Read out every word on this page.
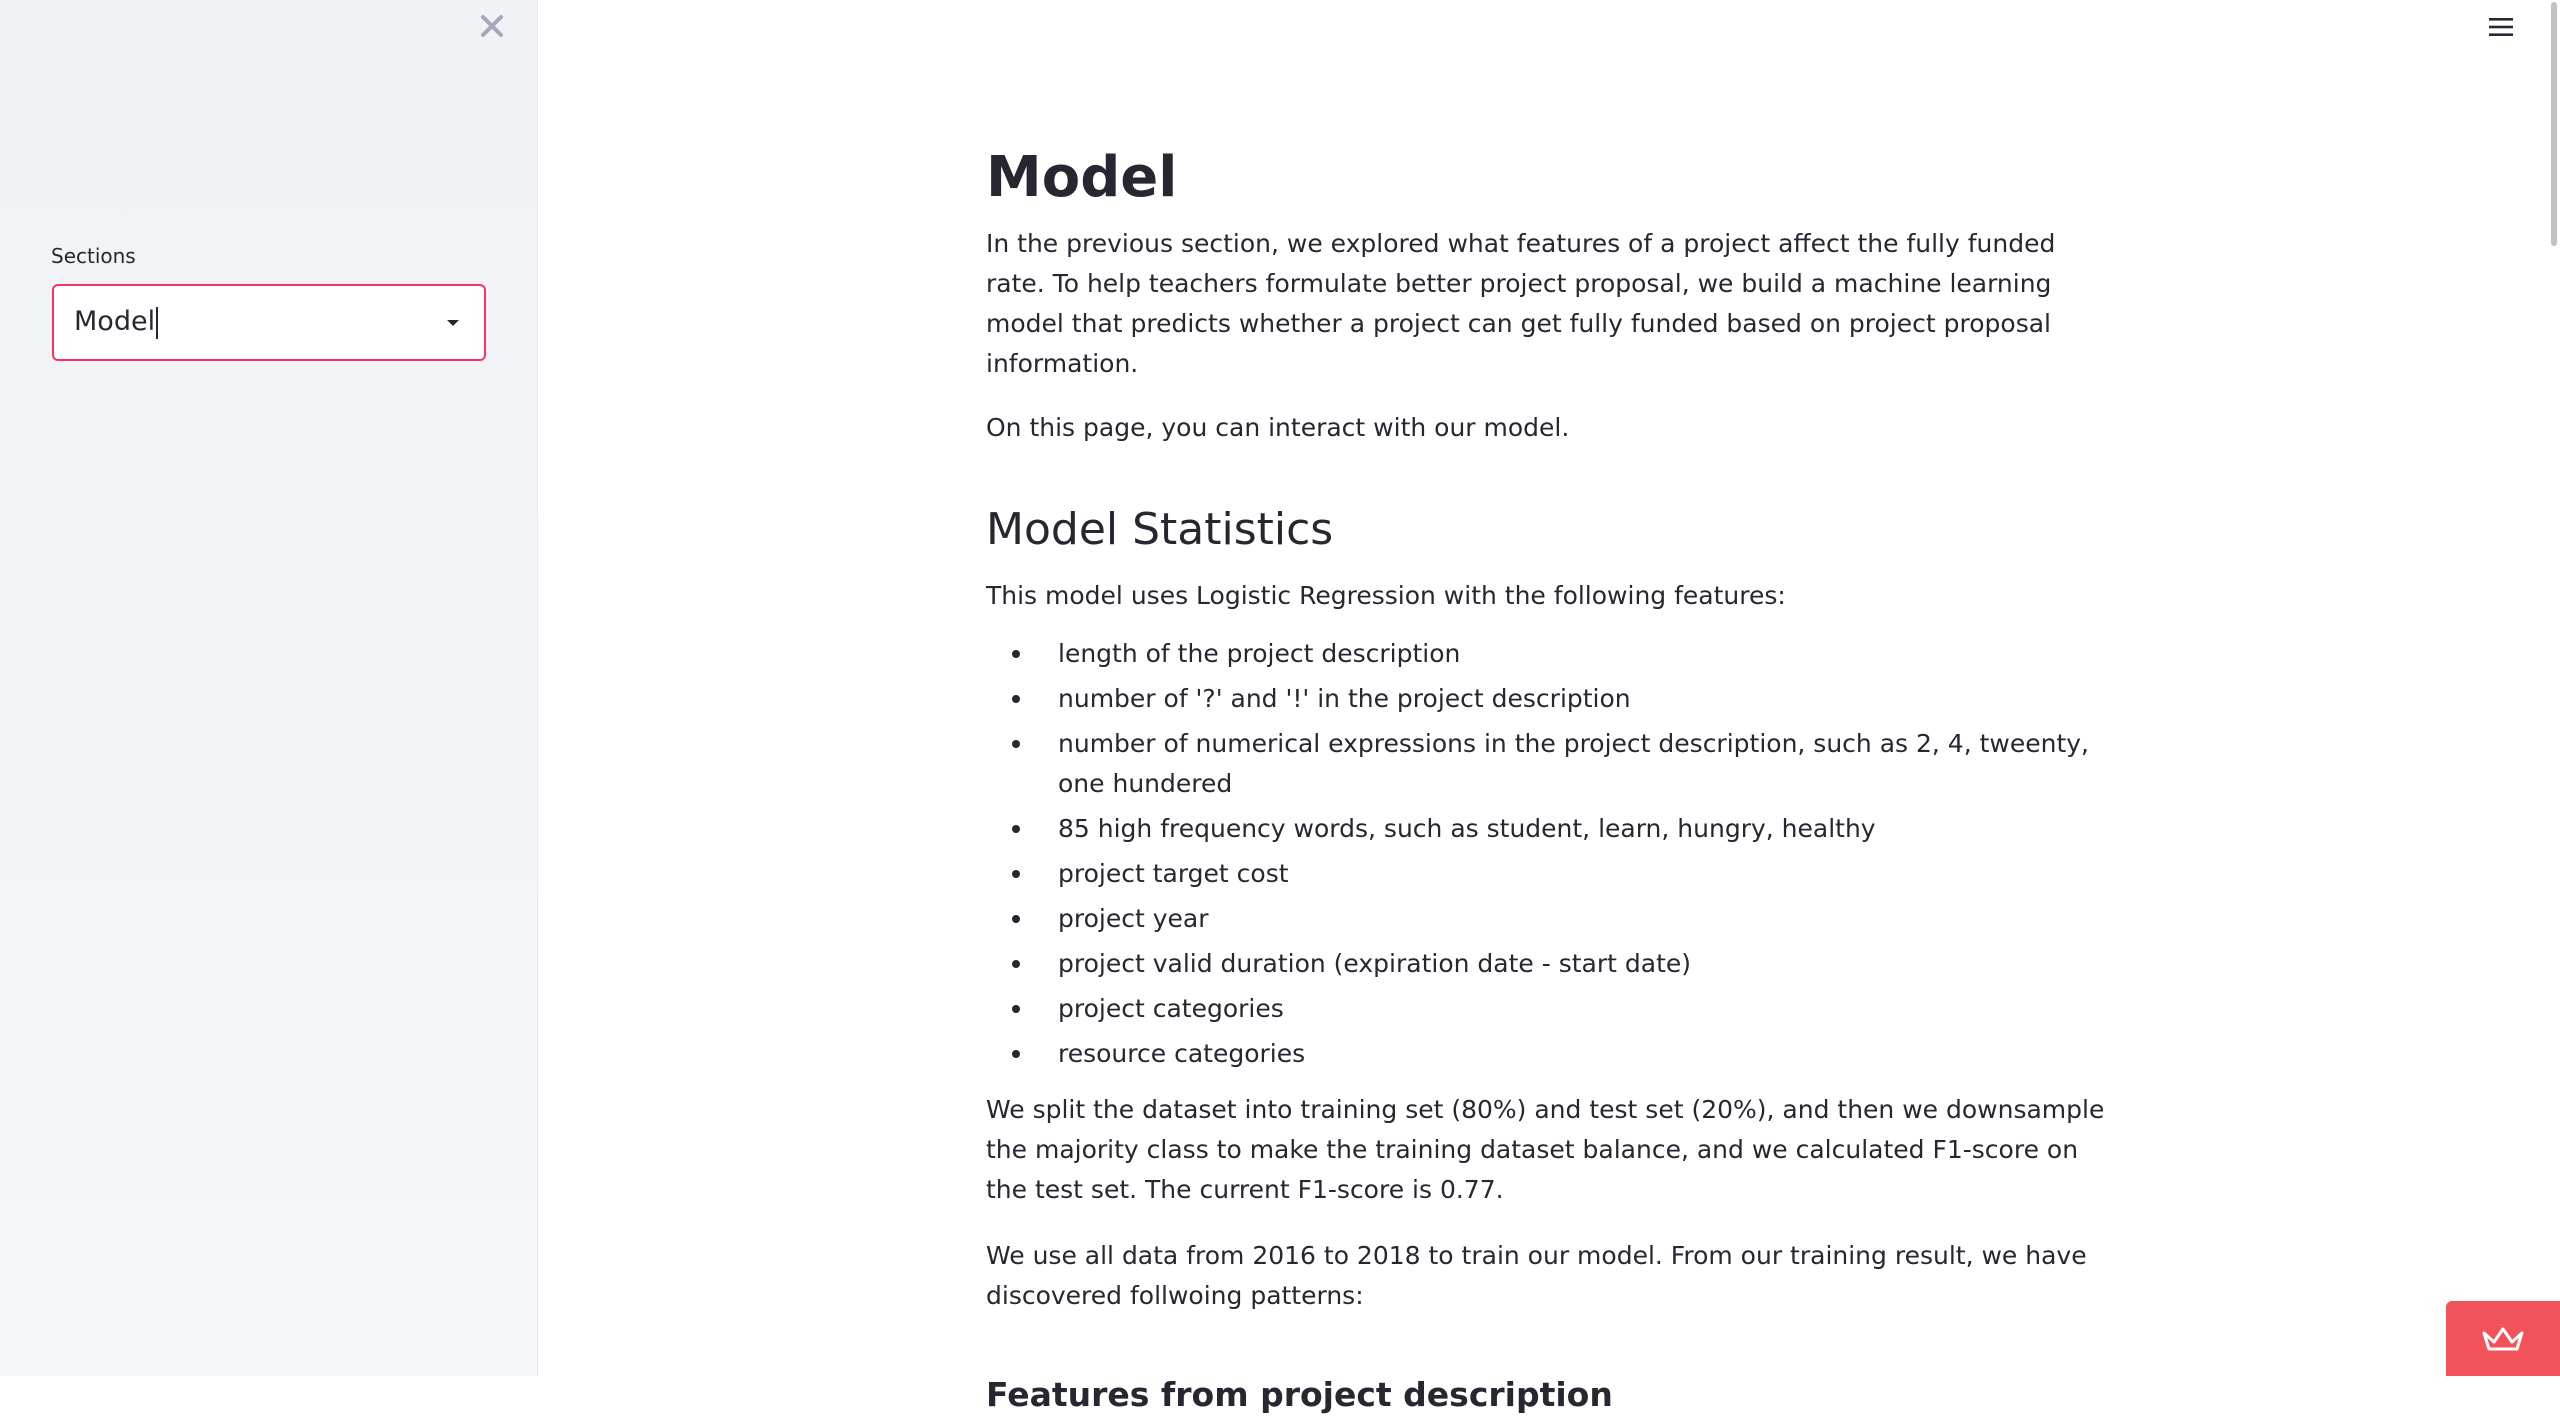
Sections
Model
Model

In the previous section, we explored what features of a project affect the fully funded rate. To help teachers formulate better project proposal, we build a machine learning model that predicts whether a project can get fully funded based on project proposal information.

On this page, you can interact with our model.

Model Statistics

This model uses Logistic Regression with the following features:

length of the project description
number of '?' and '!' in the project description
number of numerical expressions in the project description, such as 2, 4, tweenty, one hundered
85 high frequency words, such as student, learn, hungry, healthy
project target cost
project year
project valid duration (expiration date - start date)
project categories
resource categories

We split the dataset into training set (80%) and test set (20%), and then we downsample the majority class to make the training dataset balance, and we calculated F1-score on the test set. The current F1-score is 0.77.

We use all data from 2016 to 2018 to train our model. From our training result, we have discovered follwoing patterns:

Features from project description
